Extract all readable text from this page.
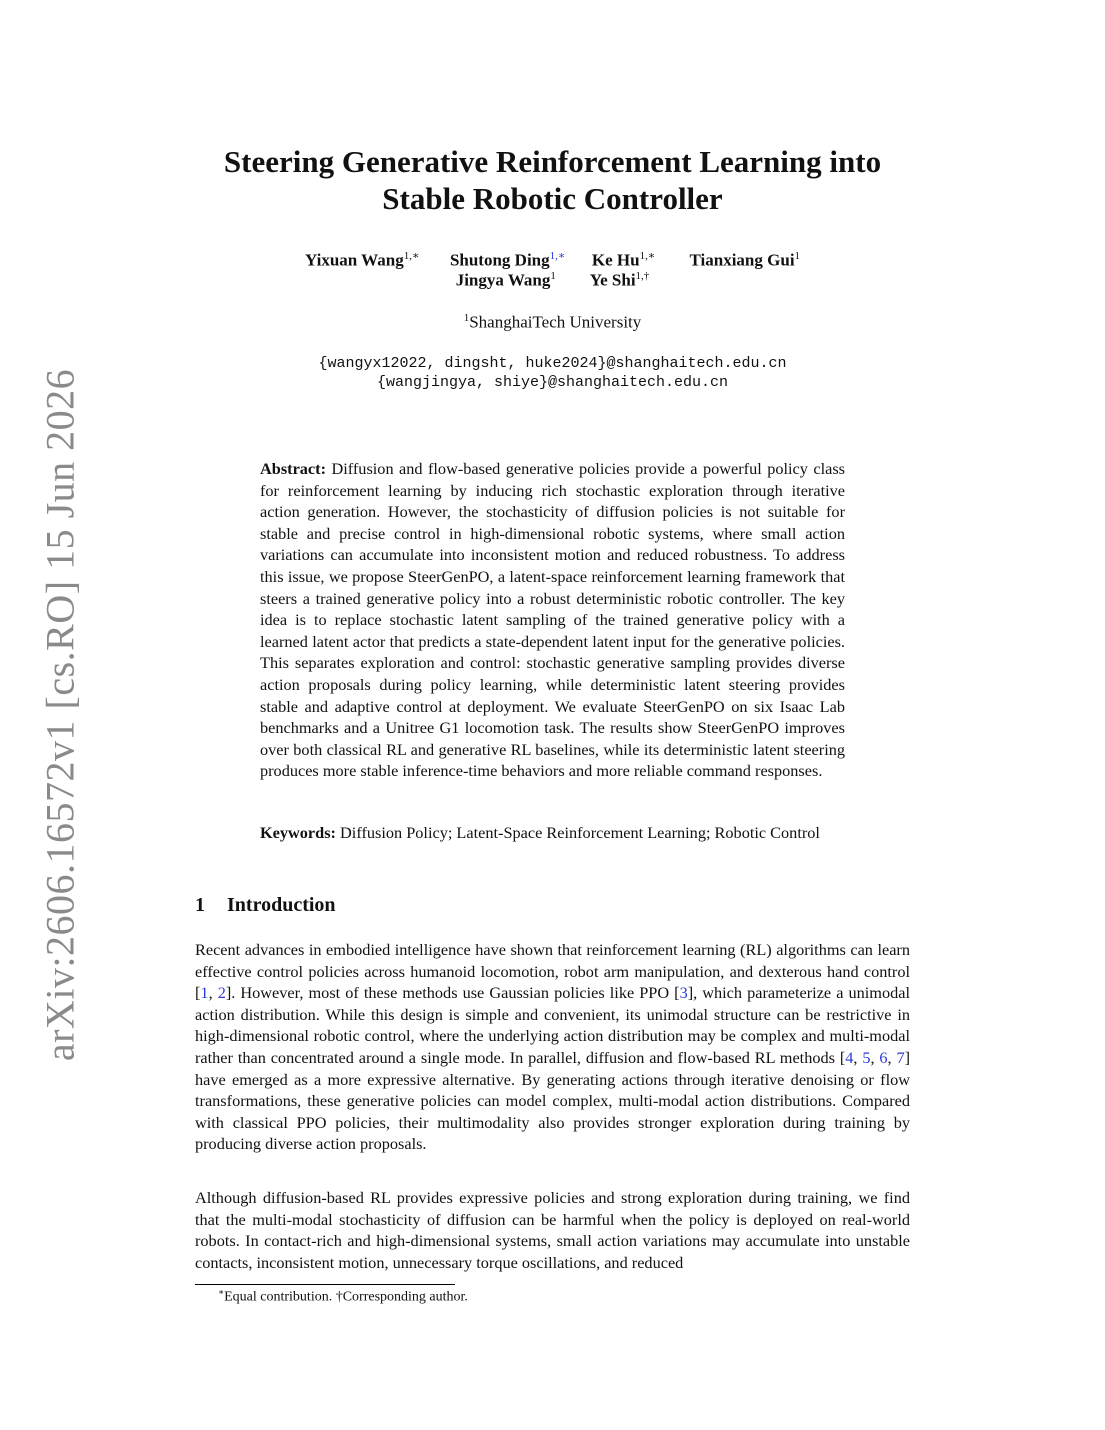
arXiv:2606.16572v1 [cs.RO] 15 Jun 2026
Steering Generative Reinforcement Learning into
Stable Robotic Controller
Yixuan Wang$^{1,∗}$ Shutong Ding$^{1,∗}$ Ke $Hu^{1,∗}$ Tianxiang Gui$^1$
Jingya Wang$^1$ Ye Shi$^{1,\dagger}$
$^1$ShanghaiTech University
{wangyx12022, dingsht, huke2024}@shanghaitech.edu.cn
{wangjingya, shiye}@shanghaitech.edu.cn
Abstract: Diffusion and flow-based generative policies provide a powerful policy class for reinforcement learning by inducing rich stochastic exploration through iterative action generation. However, the stochasticity of diffusion policies is not suitable for stable and precise control in high-dimensional robotic systems, where small action variations can accumulate into inconsistent motion and reduced robustness. To address this issue, we propose SteerGenPO, a latent-space reinforcement learning framework that steers a trained generative policy into a robust deterministic robotic controller. The key idea is to replace stochastic latent sampling of the trained generative policy with a learned latent actor that predicts a state-dependent latent input for the generative policies. This separates exploration and control: stochastic generative sampling provides diverse action proposals during policy learning, while deterministic latent steering provides stable and adaptive control at deployment. We evaluate SteerGenPO on six Isaac Lab benchmarks and a Unitree G1 locomotion task. The results show SteerGenPO improves over both classical RL and generative RL baselines, while its deterministic latent steering produces more stable inference-time behaviors and more reliable command responses.
Keywords: Diffusion Policy; Latent-Space Reinforcement Learning; Robotic Control
1 Introduction
Recent advances in embodied intelligence have shown that reinforcement learning (RL) algorithms can learn effective control policies across humanoid locomotion, robot arm manipulation, and dexterous hand control [1, 2]. However, most of these methods use Gaussian policies like PPO [3], which parameterize a unimodal action distribution. While this design is simple and convenient, its unimodal structure can be restrictive in high-dimensional robotic control, where the underlying action distribution may be complex and multi-modal rather than concentrated around a single mode. In parallel, diffusion and flow-based RL methods [4, 5, 6, 7] have emerged as a more expressive alternative. By generating actions through iterative denoising or flow transformations, these generative policies can model complex, multi-modal action distributions. Compared with classical PPO policies, their multimodality also provides stronger exploration during training by producing diverse action proposals.
Although diffusion-based RL provides expressive policies and strong exploration during training, we find that the multi-modal stochasticity of diffusion can be harmful when the policy is deployed on real-world robots. In contact-rich and high-dimensional systems, small action variations may accumulate into unstable contacts, inconsistent motion, unnecessary torque oscillations, and reduced
∗Equal contribution. †Corresponding author.
